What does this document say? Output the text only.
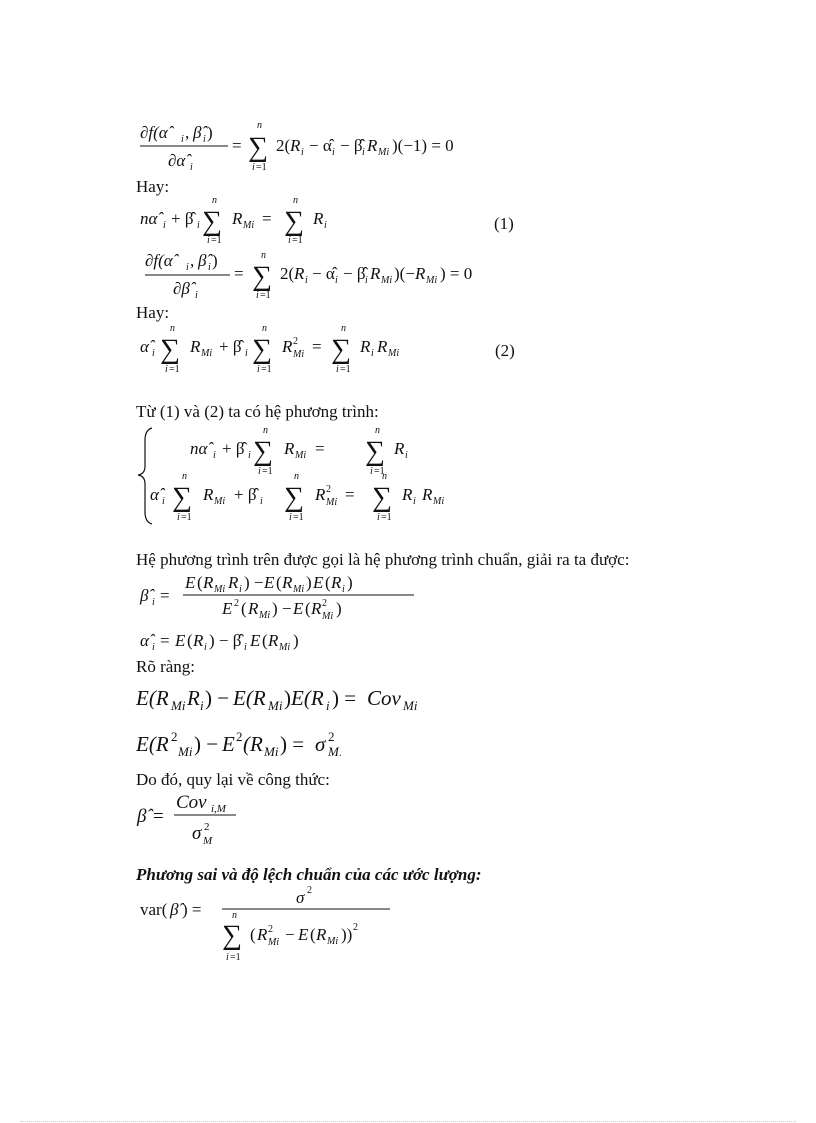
∂f(α̂	i , β̂ i )
∂α̂ i
= ∑
n
i =1
2( R i − α̂ i − β̂ i R Mi )(−1) = 0
Hay:
nα̂ i + β̂ i ∑
n
i =1
R Mi = ∑
n
i =1
R i	(1)
∂f(α̂	i , β̂ i )
∂β̂ i
= ∑
n
i =1
2( R i − α̂ i − β̂ i R Mi )(− R Mi ) = 0
Hay:
α̂ i ∑
n
i =1
R Mi + β̂ i ∑
n
i =1
R 2
Mi = ∑
n
i =1
R i R Mi	(2)
Từ (1) và (2) ta có hệ phương trình:
nα̂ i + β̂ i ∑
n
i =1
R Mi = ∑
n
i =1
R i
α̂ i ∑
n
i =1
R Mi + β̂ i ∑
n
i =1
R 2
Mi = ∑
n
i =1
R i R Mi
Hệ phương trình trên được gọi là hệ phương trình chuẩn, giải ra ta được:
β̂ i =
E ( R Mi R i ) − E ( R Mi ) E ( R i )
E 2 ( R Mi ) − E ( R 2
Mi )
α̂ i = E ( R i ) − β̂ i E ( R Mi )
Rõ ràng:
E(R Mi R i ) − E(R Mi ) E(R i ) = Cov Mi
E(R 2
Mi ) − E 2 (R Mi ) = σ 2
M .
Do đó, quy lại về công thức:
β̂ =
Cov i,M
σ 2
M
Phương sai và độ lệch chuẩn của các ước lượng:
var( β̂ ) =
σ 2
∑
n
i =1
( R 2
Mi − E ( R Mi )) 2
